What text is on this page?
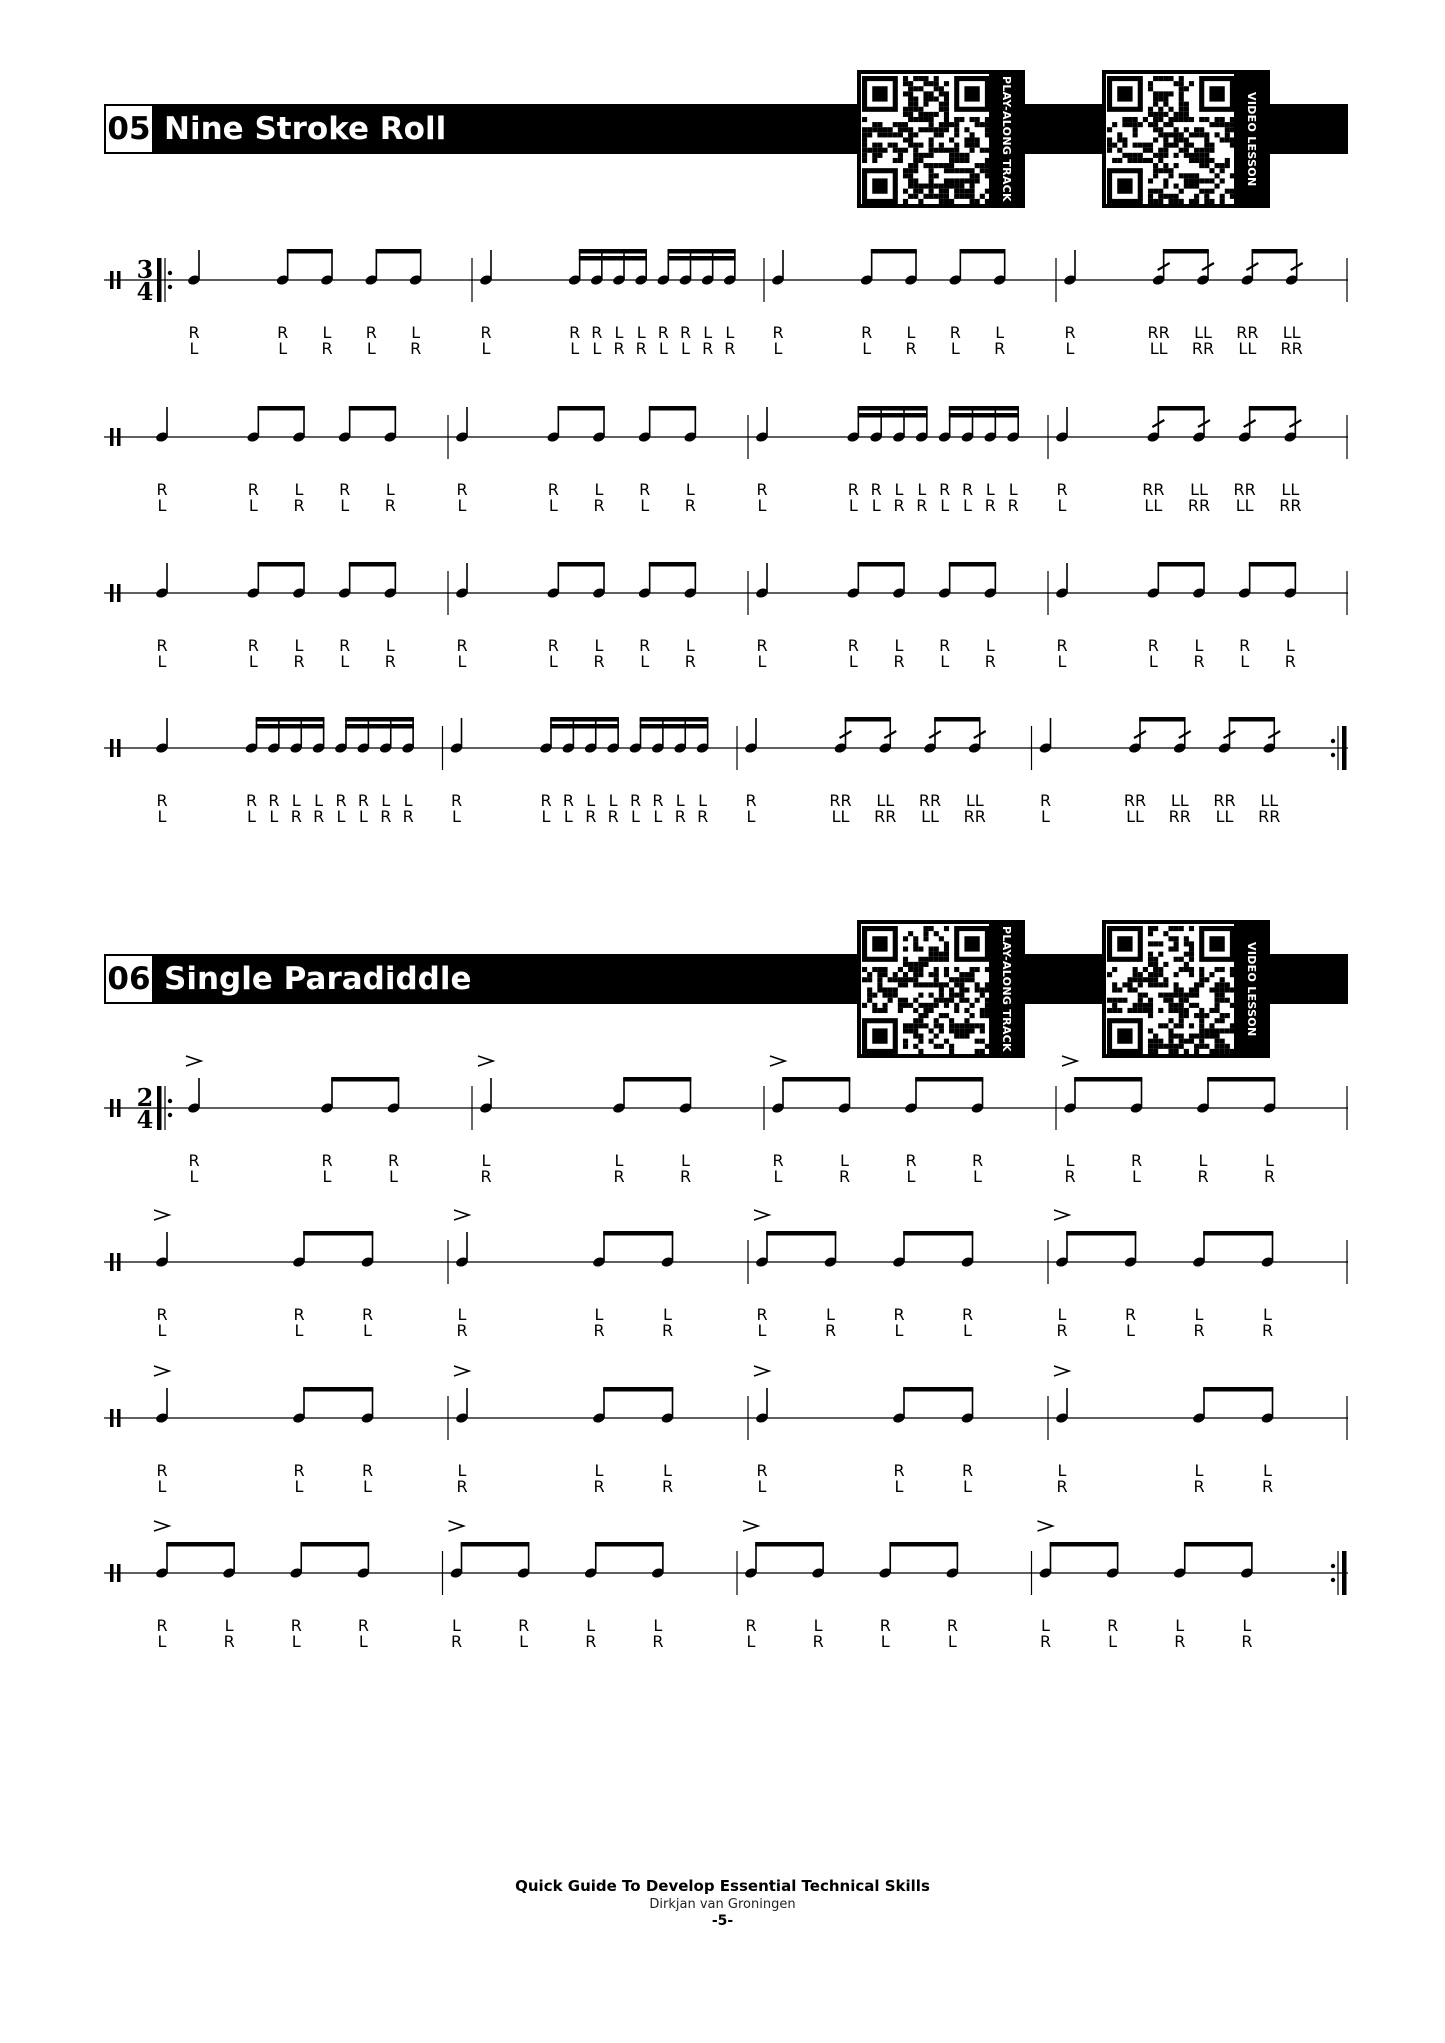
05 Nine Stroke Roll	PLAY-ALONG TRACK	VIDEO LESSON
3
4
R
L
R
L
L
R
R
L
L
R
R
L
R
L
R
L
L
R
L
R
R
L
R
L
L
R
L
R
R
L
R
L
L
R
R
L
L
R
R
L
RR
LL
LL
RR
RR
LL
LL
RR
R
L
R
L
L
R
R
L
L
R
R
L
R
L
L
R
R
L
L
R
R
L
R
L
R
L
L
R
L
R
R
L
R
L
L
R
L
R
R
L
RR
LL
LL
RR
RR
LL
LL
RR
R
L
R
L
L
R
R
L
L
R
R
L
R
L
L
R
R
L
L
R
R
L
R
L
L
R
R
L
L
R
R
L
R
L
L
R
R
L
L
R
R
L
R
L
R
L
L
R
L
R
R
L
R
L
L
R
L
R
R
L
R
L
R
L
L
R
L
R
R
L
R
L
L
R
L
R
R
L
RR
LL
LL
RR
RR
LL
LL
RR
R
L
RR
LL
LL
RR
RR
LL
LL
RR
06 Single Paradiddle	PLAY-ALONG TRACK	VIDEO LESSON
2
4
R
L
R
L
R
L
L
R
L
R
L
R
R
L
L
R
R
L
R
L
L
R
R
L
L
R
L
R
R
L
R
L
R
L
L
R
L
R
L
R
R
L
L
R
R
L
R
L
L
R
R
L
L
R
L
R
R
L
R
L
R
L
L
R
L
R
L
R
R
L
R
L
R
L
L
R
L
R
L
R
R
L
L
R
R
L
R
L
L
R
R
L
L
R
L
R
R
L
L
R
R
L
R
L
L
R
R
L
L
R
L
R
Quick Guide To Develop Essential Technical Skills
Dirkjan van Groningen
-5-
